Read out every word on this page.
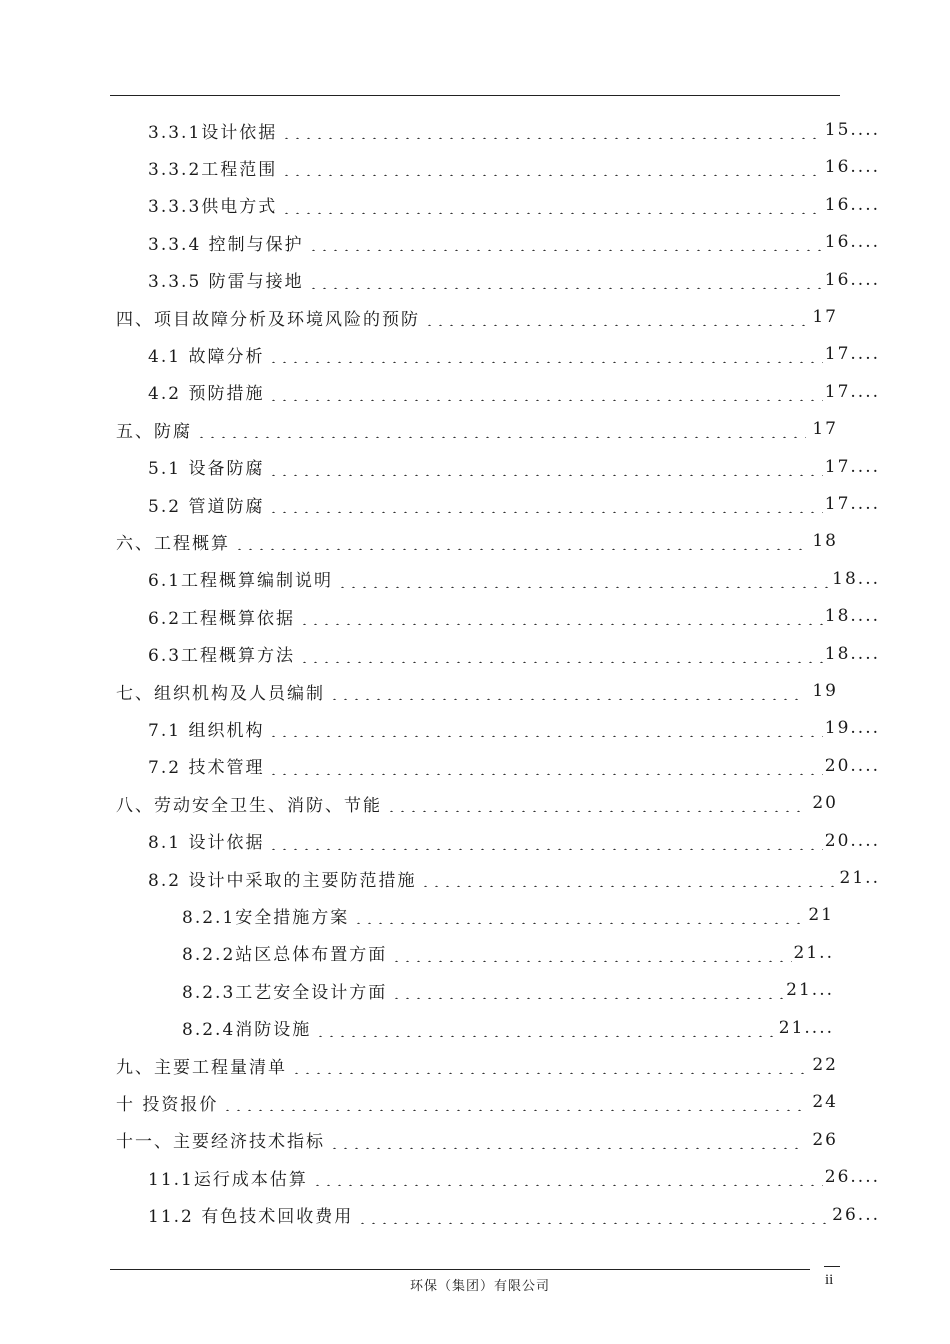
3.3.1设计依据	15....
3.3.2工程范围	16....
3.3.3供电方式	16....
3.3.4 控制与保护	16....
3.3.5 防雷与接地	16....
四、项目故障分析及环境风险的预防	17
4.1 故障分析	17....
4.2 预防措施	17....
五、防腐	17
5.1 设备防腐	17....
5.2 管道防腐	17....
六、工程概算	18
6.1工程概算编制说明	18...
6.2工程概算依据	18....
6.3工程概算方法	18....
七、组织机构及人员编制	19
7.1 组织机构	19....
7.2 技术管理	20....
八、劳动安全卫生、消防、节能	20
8.1 设计依据	20....
8.2 设计中采取的主要防范措施	21..
8.2.1安全措施方案	21
8.2.2站区总体布置方面	21..
8.2.3工艺安全设计方面	21...
8.2.4消防设施	21....
九、主要工程量清单	22
十 投资报价	24
十一、主要经济技术指标	26
11.1运行成本估算	26....
11.2 有色技术回收费用	26...
环保（集团）有限公司	ii
